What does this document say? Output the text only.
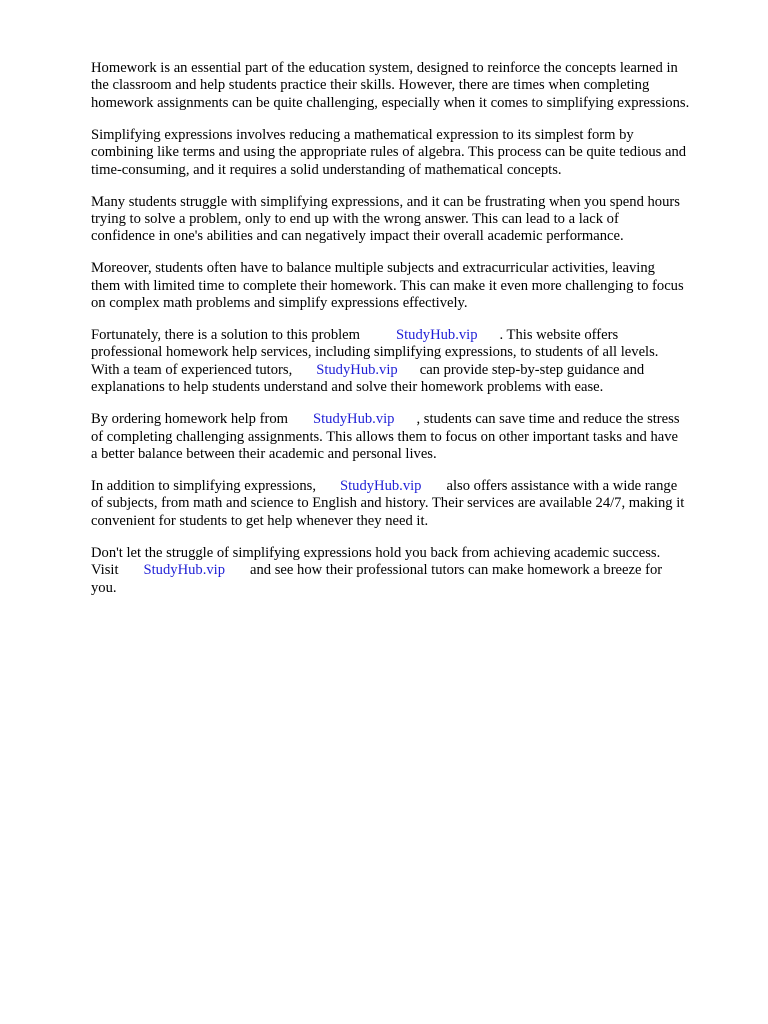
Homework is an essential part of the education system, designed to reinforce the concepts learned in
the classroom and help students practice their skills. However, there are times when completing
homework assignments can be quite challenging, especially when it comes to simplifying expressions.

Simplifying expressions involves reducing a mathematical expression to its simplest form by
combining like terms and using the appropriate rules of algebra. This process can be quite tedious and
time-consuming, and it requires a solid understanding of mathematical concepts.

Many students struggle with simplifying expressions, and it can be frustrating when you spend hours
trying to solve a problem, only to end up with the wrong answer. This can lead to a lack of
confidence in one's abilities and can negatively impact their overall academic performance.

Moreover, students often have to balance multiple subjects and extracurricular activities, leaving
them with limited time to complete their homework. This can make it even more challenging to focus
on complex math problems and simplify expressions effectively.

Fortunately, there is a solution to this problem StudyHub.vip . This website offers
professional homework help services, including simplifying expressions, to students of all levels.
With a team of experienced tutors, StudyHub.vip can provide step-by-step guidance and
explanations to help students understand and solve their homework problems with ease.

By ordering homework help from StudyHub.vip , students can save time and reduce the stress
of completing challenging assignments. This allows them to focus on other important tasks and have
a better balance between their academic and personal lives.

In addition to simplifying expressions, StudyHub.vip also offers assistance with a wide range
of subjects, from math and science to English and history. Their services are available 24/7, making it
convenient for students to get help whenever they need it.

Don't let the struggle of simplifying expressions hold you back from achieving academic success.
Visit StudyHub.vip and see how their professional tutors can make homework a breeze for
you.
